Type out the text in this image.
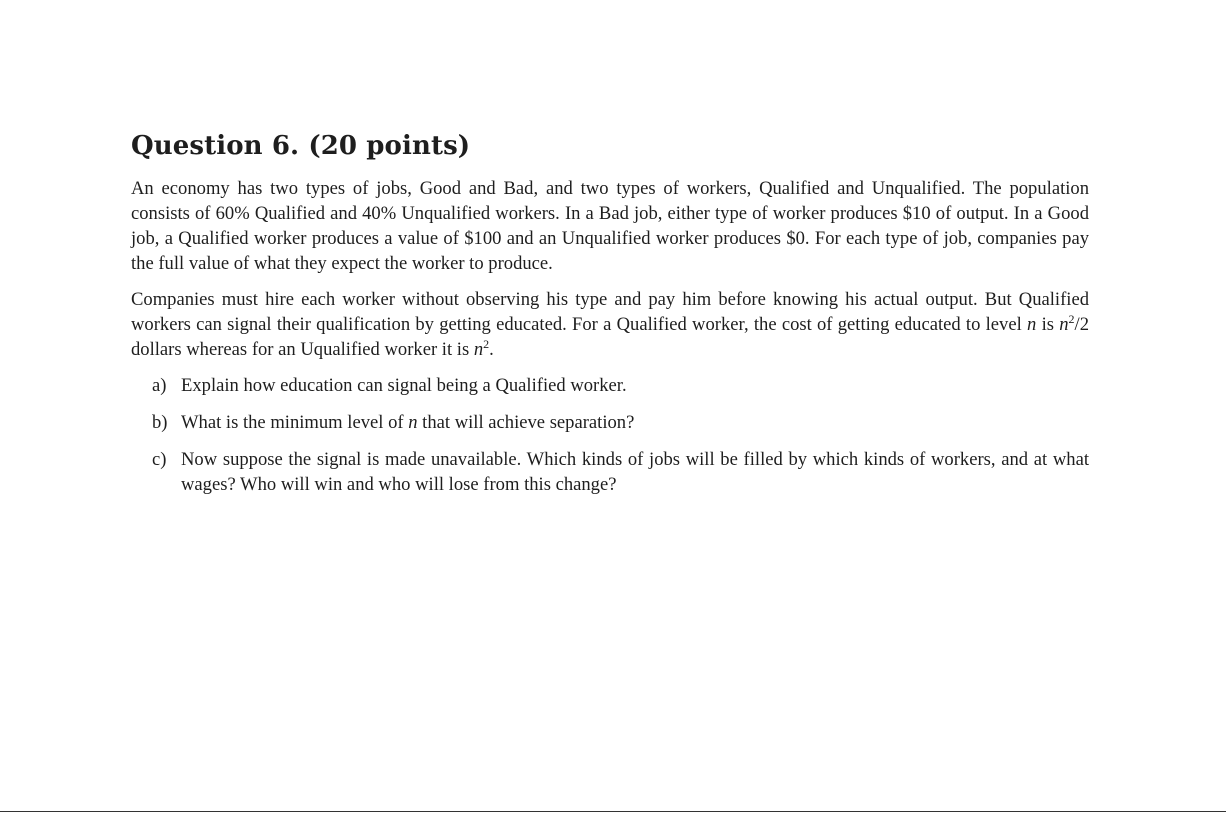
Question 6. (20 points)

An economy has two types of jobs, Good and Bad, and two types of workers, Qualified and Unqualified. The population consists of 60% Qualified and 40% Unqualified workers. In a Bad job, either type of worker produces $10 of output. In a Good job, a Qualified worker produces a value of $100 and an Unqualified worker produces $0. For each type of job, companies pay the full value of what they expect the worker to produce.

Companies must hire each worker without observing his type and pay him before knowing his actual output. But Qualified workers can signal their qualification by getting educated. For a Qualified worker, the cost of getting educated to level n is $n^2/2$ dollars whereas for an Uqualified worker it is $n^2$.

a) Explain how education can signal being a Qualified worker.
b) What is the minimum level of n that will achieve separation?
c) Now suppose the signal is made unavailable. Which kinds of jobs will be filled by which kinds of workers, and at what wages? Who will win and who will lose from this change?
